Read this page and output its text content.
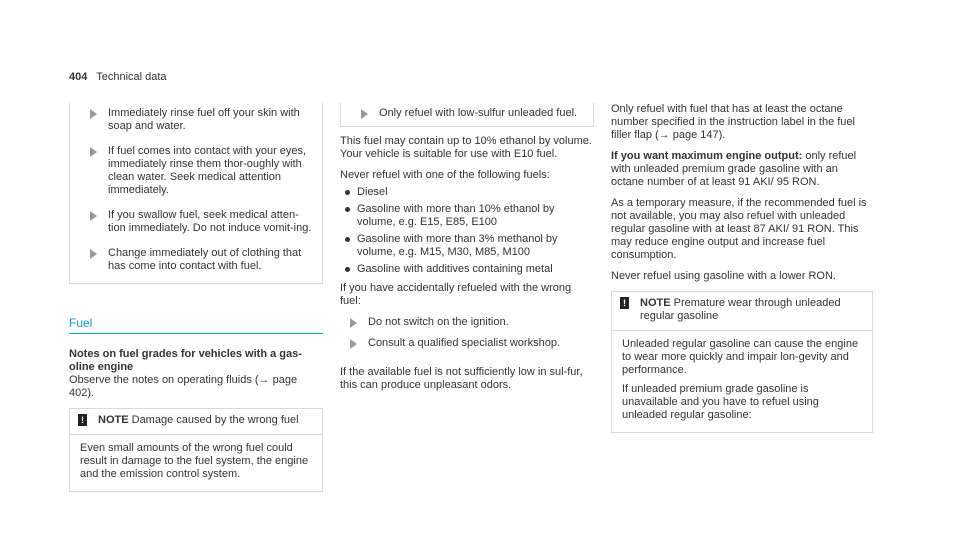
404 Technical data
Immediately rinse fuel off your skin with soap and water.
If fuel comes into contact with your eyes, immediately rinse them thor-oughly with clean water. Seek medical attention immediately.
If you swallow fuel, seek medical atten-tion immediately. Do not induce vomit-ing.
Change immediately out of clothing that has come into contact with fuel.
Fuel
Notes on fuel grades for vehicles with a gas-oline engine

Observe the notes on operating fluids (→ page 402).

! NOTE Damage caused by the wrong fuel

Even small amounts of the wrong fuel could result in damage to the fuel system, the engine and the emission control system.

Only refuel with low-sulfur unleaded fuel.

This fuel may contain up to 10% ethanol by volume. Your vehicle is suitable for use with E10 fuel.

Never refuel with one of the following fuels:

Diesel
Gasoline with more than 10% ethanol by volume, e.g. E15, E85, E100
Gasoline with more than 3% methanol by volume, e.g. M15, M30, M85, M100
Gasoline with additives containing metal

If you have accidentally refueled with the wrong fuel:

Do not switch on the ignition.
Consult a qualified specialist workshop.

If the available fuel is not sufficiently low in sul-fur, this can produce unpleasant odors.

Only refuel with fuel that has at least the octane number specified in the instruction label in the fuel filler flap (→ page 147).

If you want maximum engine output: only refuel with unleaded premium grade gasoline with an octane number of at least 91 AKI/ 95 RON.

As a temporary measure, if the recommended fuel is not available, you may also refuel with unleaded regular gasoline with at least 87 AKI/ 91 RON. This may reduce engine output and increase fuel consumption.

Never refuel using gasoline with a lower RON.

! NOTE Premature wear through unleaded regular gasoline

Unleaded regular gasoline can cause the engine to wear more quickly and impair lon-gevity and performance.

If unleaded premium grade gasoline is unavailable and you have to refuel using unleaded regular gasoline:
